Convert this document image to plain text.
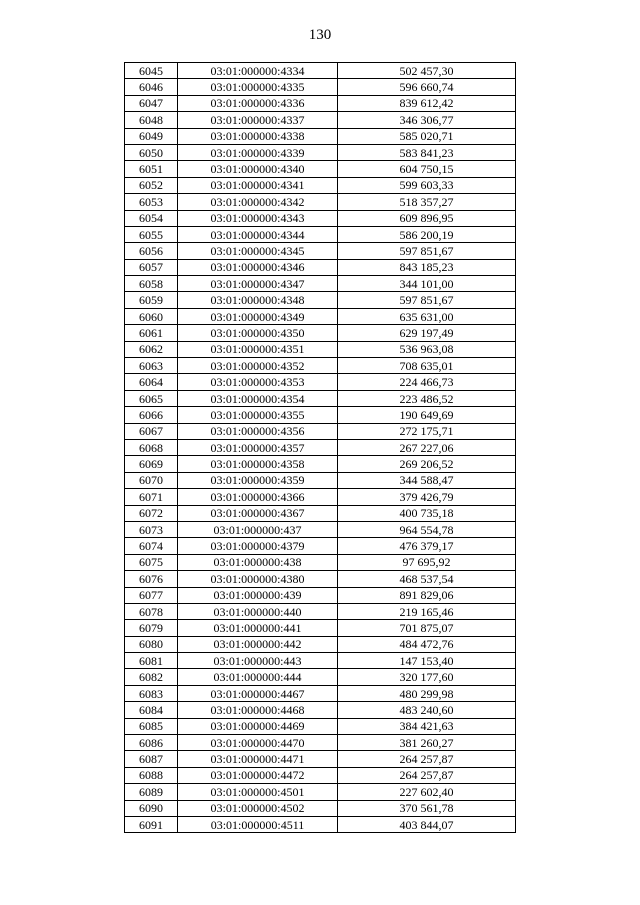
130
6045	03:01:000000:4334	502 457,30
6046	03:01:000000:4335	596 660,74
6047	03:01:000000:4336	839 612,42
6048	03:01:000000:4337	346 306,77
6049	03:01:000000:4338	585 020,71
6050	03:01:000000:4339	583 841,23
6051	03:01:000000:4340	604 750,15
6052	03:01:000000:4341	599 603,33
6053	03:01:000000:4342	518 357,27
6054	03:01:000000:4343	609 896,95
6055	03:01:000000:4344	586 200,19
6056	03:01:000000:4345	597 851,67
6057	03:01:000000:4346	843 185,23
6058	03:01:000000:4347	344 101,00
6059	03:01:000000:4348	597 851,67
6060	03:01:000000:4349	635 631,00
6061	03:01:000000:4350	629 197,49
6062	03:01:000000:4351	536 963,08
6063	03:01:000000:4352	708 635,01
6064	03:01:000000:4353	224 466,73
6065	03:01:000000:4354	223 486,52
6066	03:01:000000:4355	190 649,69
6067	03:01:000000:4356	272 175,71
6068	03:01:000000:4357	267 227,06
6069	03:01:000000:4358	269 206,52
6070	03:01:000000:4359	344 588,47
6071	03:01:000000:4366	379 426,79
6072	03:01:000000:4367	400 735,18
6073	03:01:000000:437	964 554,78
6074	03:01:000000:4379	476 379,17
6075	03:01:000000:438	97 695,92
6076	03:01:000000:4380	468 537,54
6077	03:01:000000:439	891 829,06
6078	03:01:000000:440	219 165,46
6079	03:01:000000:441	701 875,07
6080	03:01:000000:442	484 472,76
6081	03:01:000000:443	147 153,40
6082	03:01:000000:444	320 177,60
6083	03:01:000000:4467	480 299,98
6084	03:01:000000:4468	483 240,60
6085	03:01:000000:4469	384 421,63
6086	03:01:000000:4470	381 260,27
6087	03:01:000000:4471	264 257,87
6088	03:01:000000:4472	264 257,87
6089	03:01:000000:4501	227 602,40
6090	03:01:000000:4502	370 561,78
6091	03:01:000000:4511	403 844,07
